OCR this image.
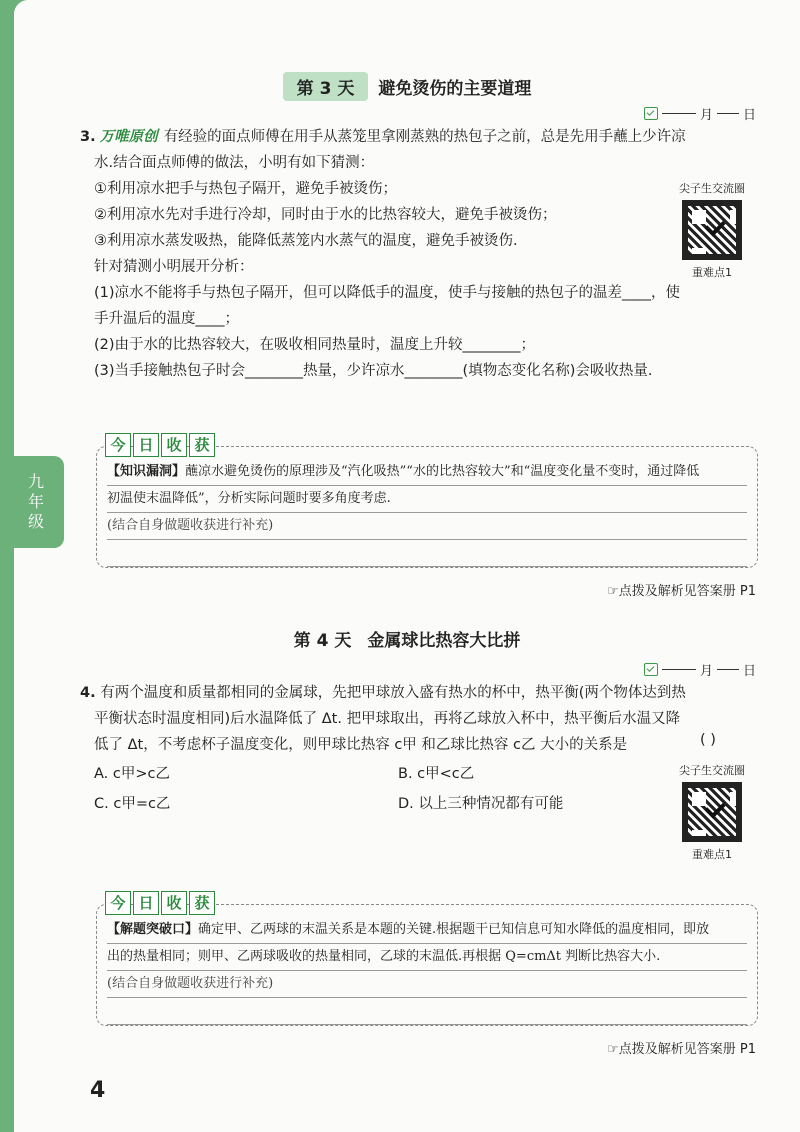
九
年
级
第 3 天 避免烫伤的主要道理
月 日
3. 万唯原创 有经验的面点师傅在用手从蒸笼里拿刚蒸熟的热包子之前，总是先用手蘸上少许凉
水.结合面点师傅的做法，小明有如下猜测：
①利用凉水把手与热包子隔开，避免手被烫伤；
②利用凉水先对手进行冷却，同时由于水的比热容较大，避免手被烫伤；
③利用凉水蒸发吸热，能降低蒸笼内水蒸气的温度，避免手被烫伤.
针对猜测小明展开分析：
(1)凉水不能将手与热包子隔开，但可以降低手的温度，使手与接触的热包子的温差____，使
手升温后的温度____；
(2)由于水的比热容较大，在吸收相同热量时，温度上升较________；
(3)当手接触热包子时会________热量，少许凉水________(填物态变化名称)会吸收热量.
尖子生交流圈
重难点1
今 日 收 获
【知识漏洞】蘸凉水避免烫伤的原理涉及“汽化吸热”“水的比热容较大”和“温度变化量不变时，通过降低
初温使末温降低”，分析实际问题时要多角度考虑.
(结合自身做题收获进行补充)
☞点拨及解析见答案册 P1
第 4 天 金属球比热容大比拼
月 日
4. 有两个温度和质量都相同的金属球，先把甲球放入盛有热水的杯中，热平衡(两个物体达到热
平衡状态时温度相同)后水温降低了 Δt. 把甲球取出，再将乙球放入杯中，热平衡后水温又降
低了 Δt，不考虑杯子温度变化，则甲球比热容 c甲 和乙球比热容 c乙 大小的关系是	( )
A. c甲>c乙	B. c甲<c乙
C. c甲=c乙	D. 以上三种情况都有可能
尖子生交流圈
重难点1
今 日 收 获
【解题突破口】确定甲、乙两球的末温关系是本题的关键.根据题干已知信息可知水降低的温度相同，即放
出的热量相同；则甲、乙两球吸收的热量相同，乙球的末温低.再根据 Q=cmΔt 判断比热容大小.
(结合自身做题收获进行补充)
☞点拨及解析见答案册 P1
4
